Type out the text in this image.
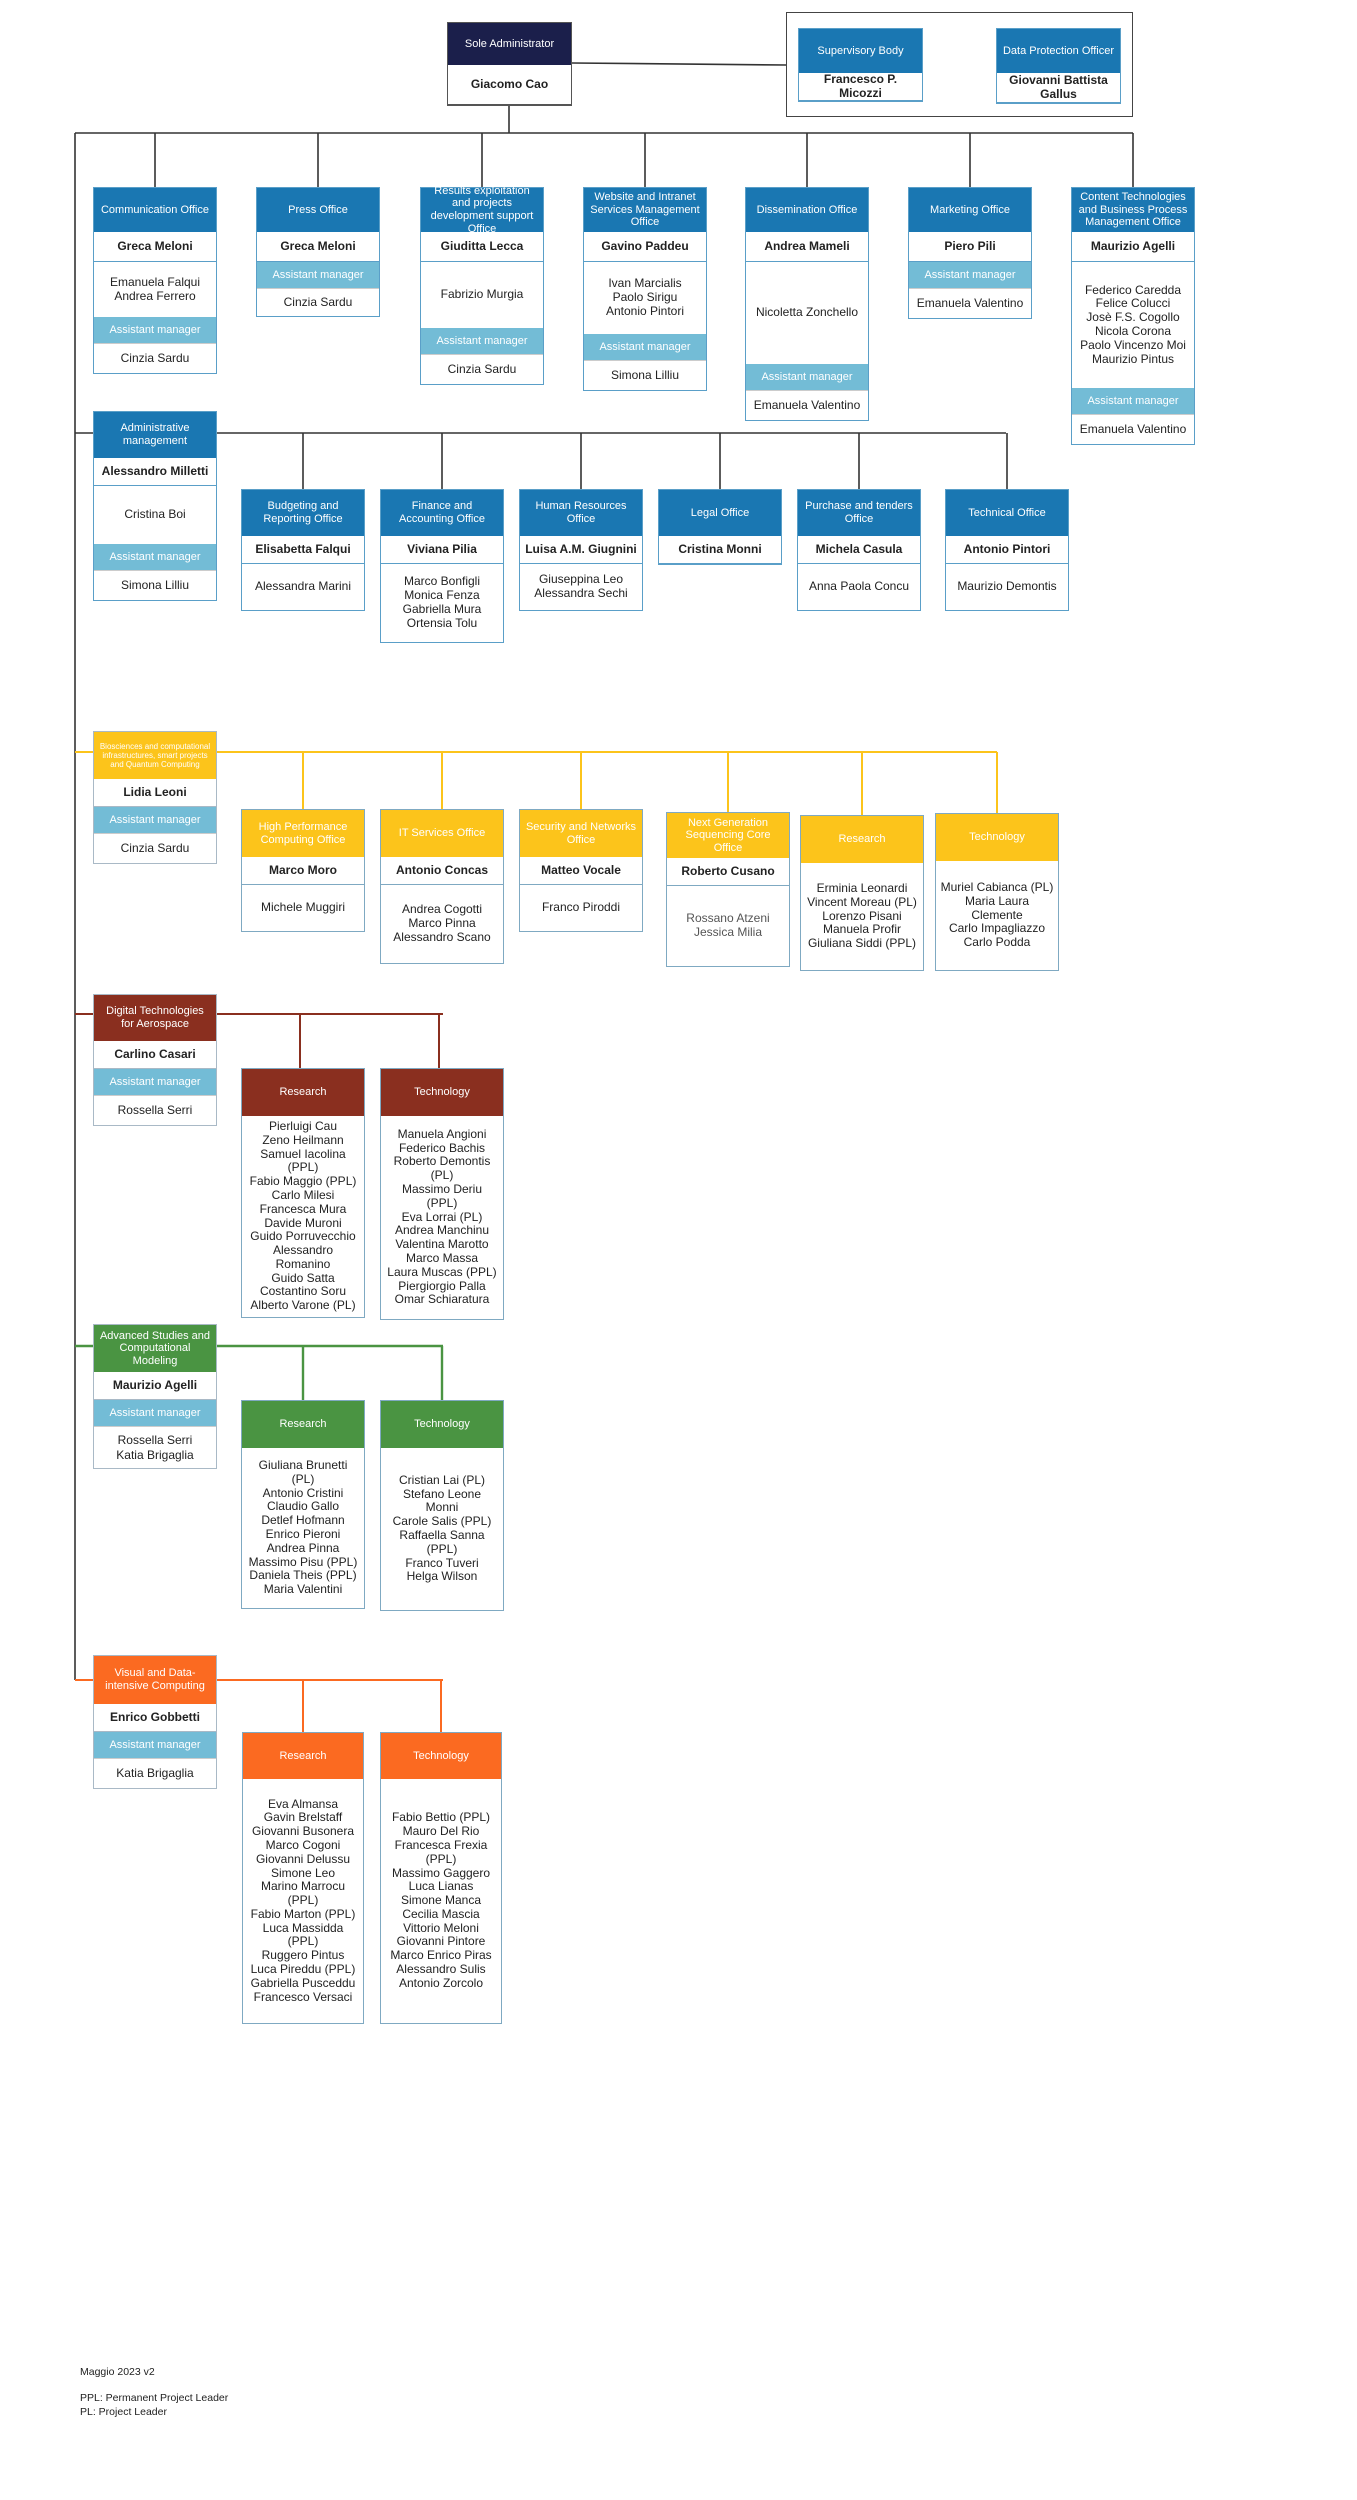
Sole Administrator
Giacomo Cao
Supervisory Body
Francesco P. Micozzi
Data Protection Officer
Giovanni Battista Gallus
Communication Office
Greca Meloni
Emanuela Falqui
Andrea Ferrero
Assistant manager
Cinzia Sardu
Press Office
Greca Meloni
Assistant manager
Cinzia Sardu
Results exploitation and projects development support Office
Giuditta Lecca
Fabrizio Murgia
Assistant manager
Cinzia Sardu
Website and Intranet Services Management Office
Gavino Paddeu
Ivan Marcialis
Paolo Sirigu
Antonio Pintori
Assistant manager
Simona Lilliu
Dissemination Office
Andrea Mameli
Nicoletta Zonchello
Assistant manager
Emanuela Valentino
Marketing Office
Piero Pili
Assistant manager
Emanuela Valentino
Content Technologies and Business Process Management Office
Maurizio Agelli
Federico Caredda
Felice Colucci
Josè F.S. Cogollo
Nicola Corona
Paolo Vincenzo Moi
Maurizio Pintus
Assistant manager
Emanuela Valentino
Administrative management
Alessandro Milletti
Cristina Boi
Assistant manager
Simona Lilliu
Budgeting and Reporting Office
Elisabetta Falqui
Alessandra Marini
Finance and Accounting Office
Viviana Pilia
Marco Bonfigli
Monica Fenza
Gabriella Mura
Ortensia Tolu
Human Resources Office
Luisa A.M. Giugnini
Giuseppina Leo
Alessandra Sechi
Legal Office
Cristina Monni
Purchase and tenders Office
Michela Casula
Anna Paola Concu
Technical Office
Antonio Pintori
Maurizio Demontis
Biosciences and computational infrastructures, smart projects and Quantum Computing
Lidia Leoni
Assistant manager
Cinzia Sardu
High Performance Computing Office
Marco Moro
Michele Muggiri
IT Services Office
Antonio Concas
Andrea Cogotti
Marco Pinna
Alessandro Scano
Security and Networks Office
Matteo Vocale
Franco Piroddi
Next Generation Sequencing Core Office
Roberto Cusano
Rossano Atzeni
Jessica Milia
Research
Erminia Leonardi
Vincent Moreau (PL)
Lorenzo Pisani
Manuela Profir
Giuliana Siddi (PPL)
Technology
Muriel Cabianca (PL)
Maria Laura Clemente
Carlo Impagliazzo
Carlo Podda
Digital Technologies for Aerospace
Carlino Casari
Assistant manager
Rossella Serri
Research
Pierluigi Cau
Zeno Heilmann
Samuel Iacolina (PPL)
Fabio Maggio (PPL)
Carlo Milesi
Francesca Mura
Davide Muroni
Guido Porruvecchio
Alessandro Romanino
Guido Satta
Costantino Soru
Alberto Varone (PL)
Technology
Manuela Angioni
Federico Bachis
Roberto Demontis (PL)
Massimo Deriu (PPL)
Eva Lorrai (PL)
Andrea Manchinu
Valentina Marotto
Marco Massa
Laura Muscas (PPL)
Piergiorgio Palla
Omar Schiaratura
Advanced Studies and Computational Modeling
Maurizio Agelli
Assistant manager
Rossella Serri
Katia Brigaglia
Research
Giuliana Brunetti (PL)
Antonio Cristini
Claudio Gallo
Detlef Hofmann
Enrico Pieroni
Andrea Pinna
Massimo Pisu (PPL)
Daniela Theis (PPL)
Maria Valentini
Technology
Cristian Lai (PL)
Stefano Leone Monni
Carole Salis (PPL)
Raffaella Sanna (PPL)
Franco Tuveri
Helga Wilson
Visual and Data-intensive Computing
Enrico Gobbetti
Assistant manager
Katia Brigaglia
Research
Eva Almansa
Gavin Brelstaff
Giovanni Busonera
Marco Cogoni
Giovanni Delussu
Simone Leo
Marino Marrocu (PPL)
Fabio Marton (PPL)
Luca Massidda (PPL)
Ruggero Pintus
Luca Pireddu (PPL)
Gabriella Pusceddu
Francesco Versaci
Technology
Fabio Bettio (PPL)
Mauro Del Rio
Francesca Frexia (PPL)
Massimo Gaggero
Luca Lianas
Simone Manca
Cecilia Mascia
Vittorio Meloni
Giovanni Pintore
Marco Enrico Piras
Alessandro Sulis
Antonio Zorcolo
Maggio 2023 v2
PPL: Permanent Project Leader
PL: Project Leader
